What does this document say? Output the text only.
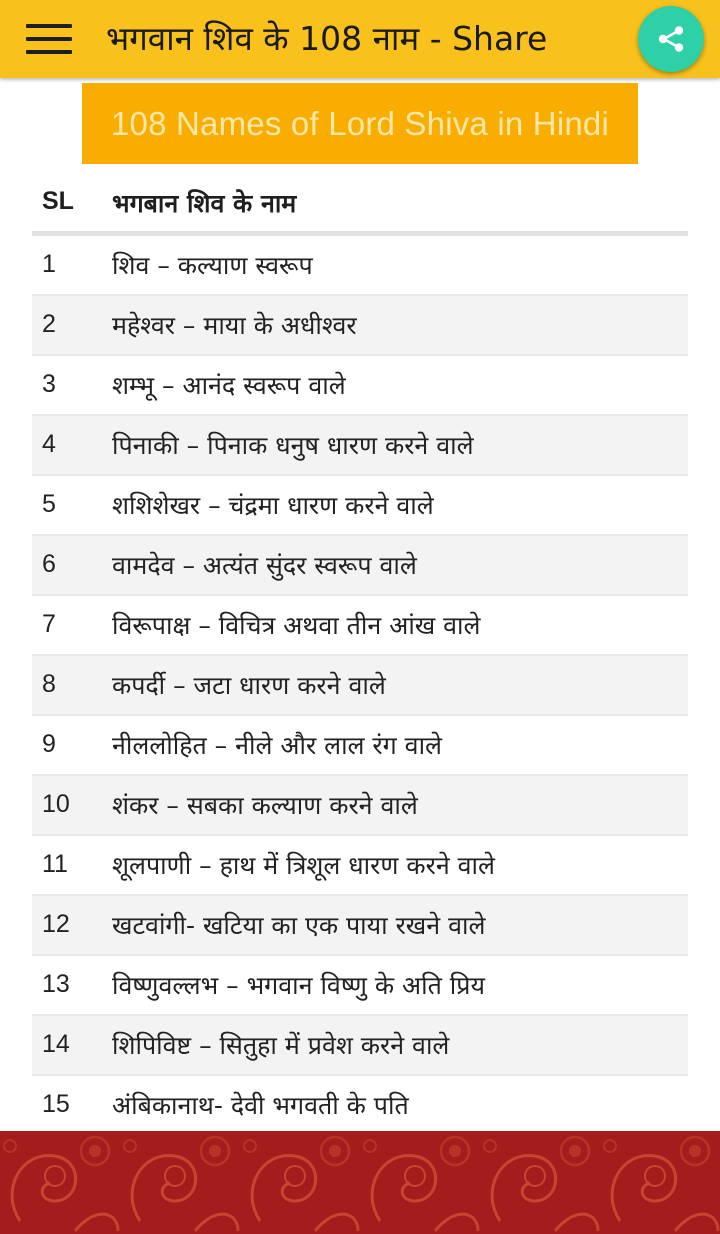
भगवान शिव के 108 नाम - Share
108 Names of Lord Shiva in Hindi
SL भगबान शिव के नाम
1 शिव – कल्याण स्वरूप
2 महेश्वर – माया के अधीश्वर
3 शम्भू – आनंद स्वरूप वाले
4 पिनाकी – पिनाक धनुष धारण करने वाले
5 शशिशेखर – चंद्रमा धारण करने वाले
6 वामदेव – अत्यंत सुंदर स्वरूप वाले
7 विरूपाक्ष – विचित्र अथवा तीन आंख वाले
8 कपर्दी – जटा धारण करने वाले
9 नीललोहित – नीले और लाल रंग वाले
10 शंकर – सबका कल्याण करने वाले
11 शूलपाणी – हाथ में त्रिशूल धारण करने वाले
12 खटवांगी- खटिया का एक पाया रखने वाले
13 विष्णुवल्लभ – भगवान विष्णु के अति प्रिय
14 शिपिविष्ट – सितुहा में प्रवेश करने वाले
15 अंबिकानाथ- देवी भगवती के पति
